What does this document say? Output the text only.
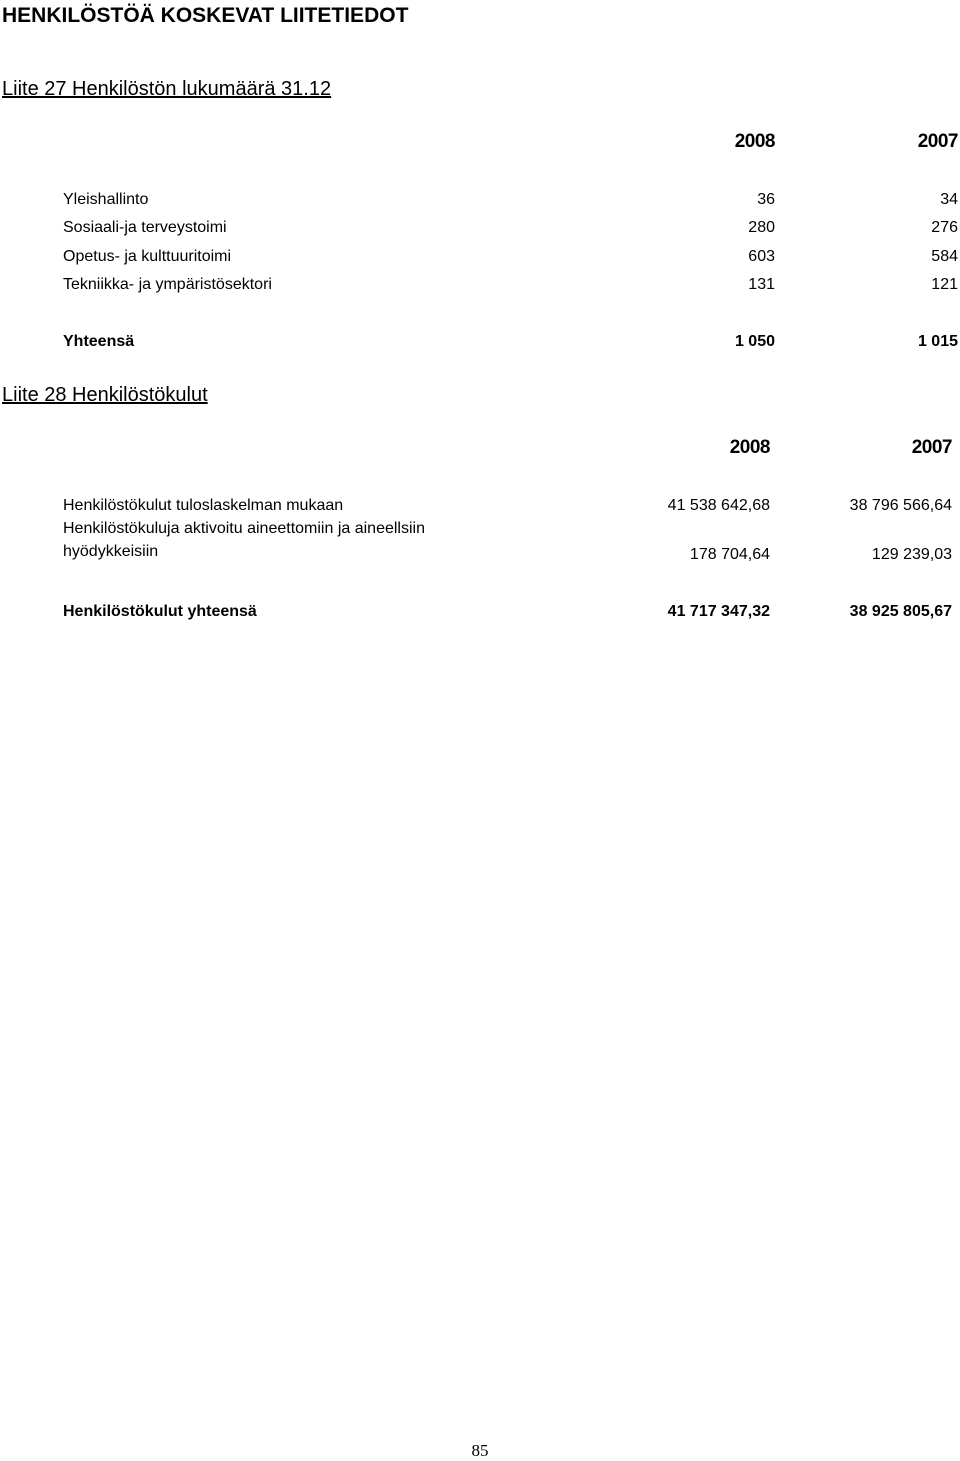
HENKILÖSTÖÄ KOSKEVAT LIITETIEDOT
Liite 27 Henkilöstön lukumäärä 31.12
2008	2007
Yleishallinto	36	34
Sosiaali-ja terveystoimi	280	276
Opetus- ja kulttuuritoimi	603	584
Tekniikka- ja ympäristösektori	131	121
Yhteensä	1 050	1 015
Liite 28 Henkilöstökulut
2008	2007
Henkilöstökulut tuloslaskelman mukaan	41 538 642,68	38 796 566,64
Henkilöstökuluja aktivoitu aineettomiin ja aineellsiin
hyödykkeisiin	178 704,64	129 239,03
Henkilöstökulut yhteensä	41 717 347,32	38 925 805,67
85
